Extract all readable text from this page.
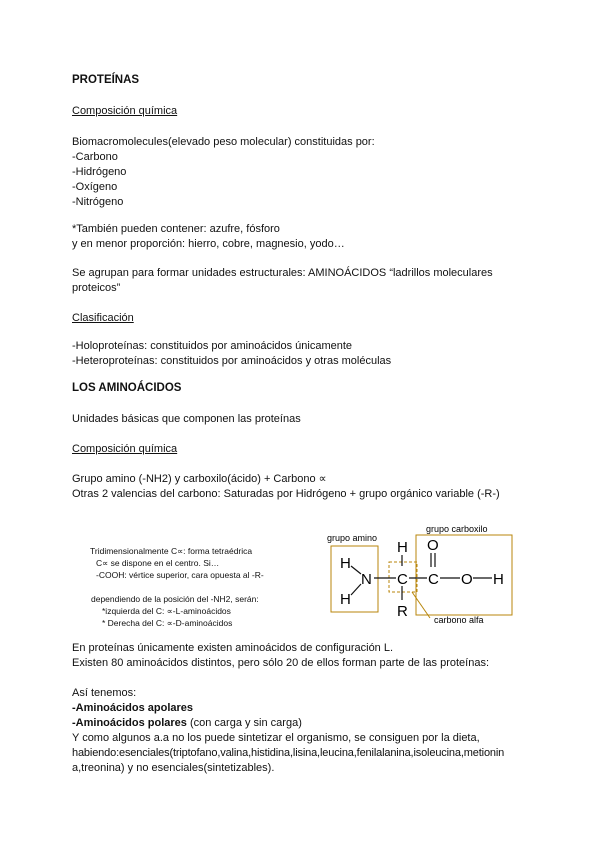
PROTEÍNAS
Composición química
Biomacromolecules(elevado peso molecular) constituidas por:
-Carbono
-Hidrógeno
-Oxígeno
-Nitrógeno
*También pueden contener: azufre, fósforo
y en menor proporción: hierro, cobre, magnesio, yodo…
Se agrupan para formar unidades estructurales: AMINOÁCIDOS “ladrillos moleculares
proteicos”
Clasificación
-Holoproteínas: constituidos por aminoácidos únicamente
-Heteroproteínas: constituidos por aminoácidos y otras moléculas
LOS AMINOÁCIDOS
Unidades básicas que componen las proteínas
Composición química
Grupo amino (-NH2) y carboxilo(ácido) + Carbono ∝
Otras 2 valencias del carbono: Saturadas por Hidrógeno + grupo orgánico variable (-R-)
Tridimensionalmente C∝: forma tetraédrica
C∝ se dispone en el centro. Si…
-COOH: vértice superior, cara opuesta al -R-
dependiendo de la posición del -NH2, serán:
*izquierda del C: ∝-L-aminoácidos
* Derecha del C: ∝-D-aminoácidos
grupo amino
grupo carboxilo
carbono alfa
H
H
N C
H
R
C
O
O H
En proteínas únicamente existen aminoácidos de configuración L.
Existen 80 aminoácidos distintos, pero sólo 20 de ellos forman parte de las proteínas:
Así tenemos:
-Aminoácidos apolares
-Aminoácidos polares (con carga y sin carga)
Y como algunos a.a no los puede sintetizar el organismo, se consiguen por la dieta,
habiendo:esenciales(triptofano,valina,histidina,lisina,leucina,fenilalanina,isoleucina,metionin
a,treonina) y no esenciales(sintetizables).
